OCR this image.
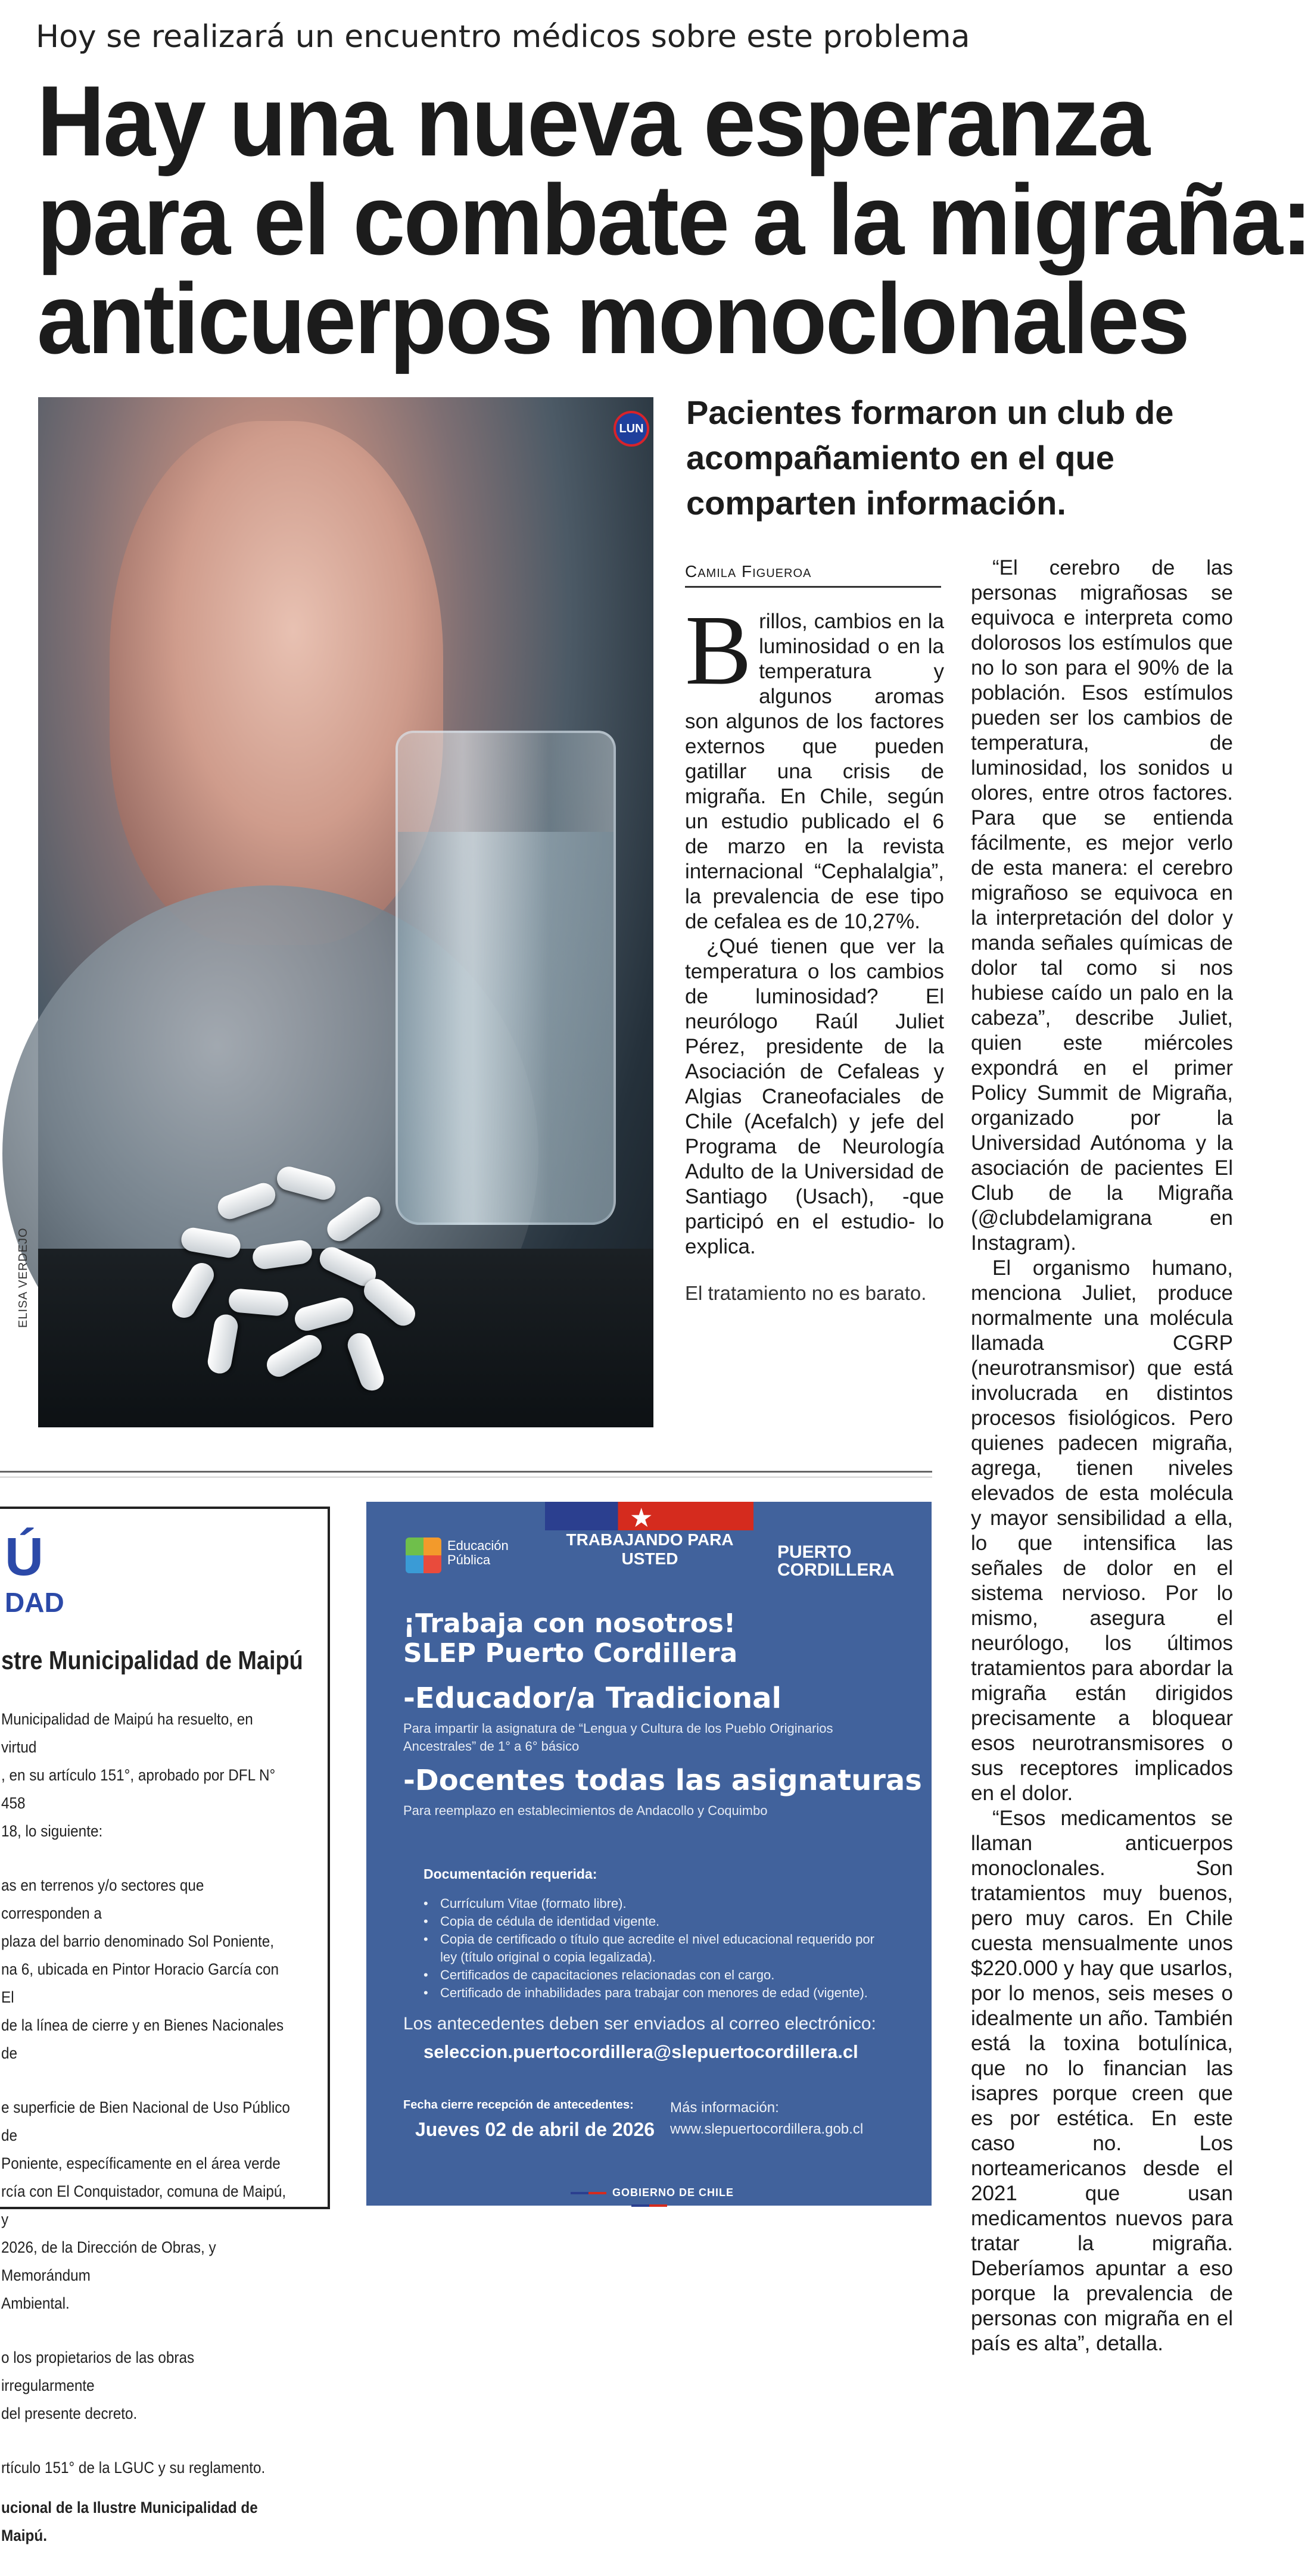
Hoy se realizará un encuentro médicos sobre este problema
Hay una nueva esperanza
para el combate a la migraña:
anticuerpos monoclonales
LUN
ELISA VERDEJO
Pacientes formaron un club de acompañamiento en el que comparten información.
Camila Figueroa

Brillos, cambios en la luminosidad o en la temperatura y algunos aromas son algunos de los factores externos que pueden gatillar una crisis de migraña. En Chile, según un estudio publicado el 6 de marzo en la revista internacional “Cephalalgia”, la prevalencia de ese tipo de cefalea es de 10,27%.

¿Qué tienen que ver la temperatura o los cambios de luminosidad? El neurólogo Raúl Juliet Pérez, presidente de la Asociación de Cefaleas y Algias Craneofaciales de Chile (Acefalch) y jefe del Programa de Neurología Adulto de la Universidad de Santiago (Usach), -que participó en el estudio- lo explica.

El tratamiento no es barato.

“El cerebro de las personas migrañosas se equivoca e interpreta como dolorosos los estímulos que no lo son para el 90% de la población. Esos estímulos pueden ser los cambios de temperatura, de luminosidad, los sonidos u olores, entre otros factores. Para que se entienda fácilmente, es mejor verlo de esta manera: el cerebro migrañoso se equivoca en la interpretación del dolor y manda señales químicas de dolor tal como si nos hubiese caído un palo en la cabeza”, describe Juliet, quien este miércoles expondrá en el primer Policy Summit de Migraña, organizado por la Universidad Autónoma y la asociación de pacientes El Club de la Migraña (@clubdelamigrana en Instagram).

El organismo humano, menciona Juliet, produce normalmente una molécula llamada CGRP (neurotransmisor) que está involucrada en distintos procesos fisiológicos. Pero quienes padecen migraña, agrega, tienen niveles elevados de esta molécula y mayor sensibilidad a ella, lo que intensifica las señales de dolor en el sistema nervioso. Por lo mismo, asegura el neurólogo, los últimos tratamientos para abordar la migraña están dirigidos precisamente a bloquear esos neurotransmisores o sus receptores implicados en el dolor.

“Esos medicamentos se llaman anticuerpos monoclonales. Son tratamientos muy buenos, pero muy caros. En Chile cuesta mensualmente unos $220.000 y hay que usarlos, por lo menos, seis meses o idealmente un año. También está la toxina botulínica, que no lo financian las isapres porque creen que es por estética. En este caso no. Los norteamericanos desde el 2021 que usan medicamentos nuevos para tratar la migraña. Deberíamos apuntar a eso porque la prevalencia de personas con migraña en el país es alta”, detalla.

Ú
DAD
stre Municipalidad de Maipú

Municipalidad de Maipú ha resuelto, en virtud
, en su artículo 151°, aprobado por DFL N° 458
18, lo siguiente:

as en terrenos y/o sectores que corresponden a
plaza del barrio denominado Sol Poniente,
na 6, ubicada en Pintor Horacio García con El
de la línea de cierre y en Bienes Nacionales de

e superficie de Bien Nacional de Uso Público de
Poniente, específicamente en el área verde
rcía con El Conquistador, comuna de Maipú, y
2026, de la Dirección de Obras, y Memorándum
Ambiental.

o los propietarios de las obras irregularmente
del presente decreto.

rtículo 151° de la LGUC y su reglamento.

ucional de la Ilustre Municipalidad de Maipú.

★
TRABAJANDO PARA USTED
Educación
Pública	PUERTO
CORDILLERA
¡Trabaja con nosotros!
SLEP Puerto Cordillera
-Educador/a Tradicional
Para impartir la asignatura de “Lengua y Cultura de los Pueblo Originarios Ancestrales” de 1° a 6° básico
-Docentes todas las asignaturas
Para reemplazo en establecimientos de Andacollo y Coquimbo
Documentación requerida:
• Currículum Vitae (formato libre).
• Copia de cédula de identidad vigente.
• Copia de certificado o título que acredite el nivel educacional requerido por ley (título original o copia legalizada).
• Certificados de capacitaciones relacionadas con el cargo.
• Certificado de inhabilidades para trabajar con menores de edad (vigente).
Los antecedentes deben ser enviados al correo electrónico:
seleccion.puertocordillera@slepuertocordillera.cl
Fecha cierre recepción de antecedentes:
Jueves 02 de abril de 2026
Más información:
www.slepuertocordillera.gob.cl
GOBIERNO DE CHILE
